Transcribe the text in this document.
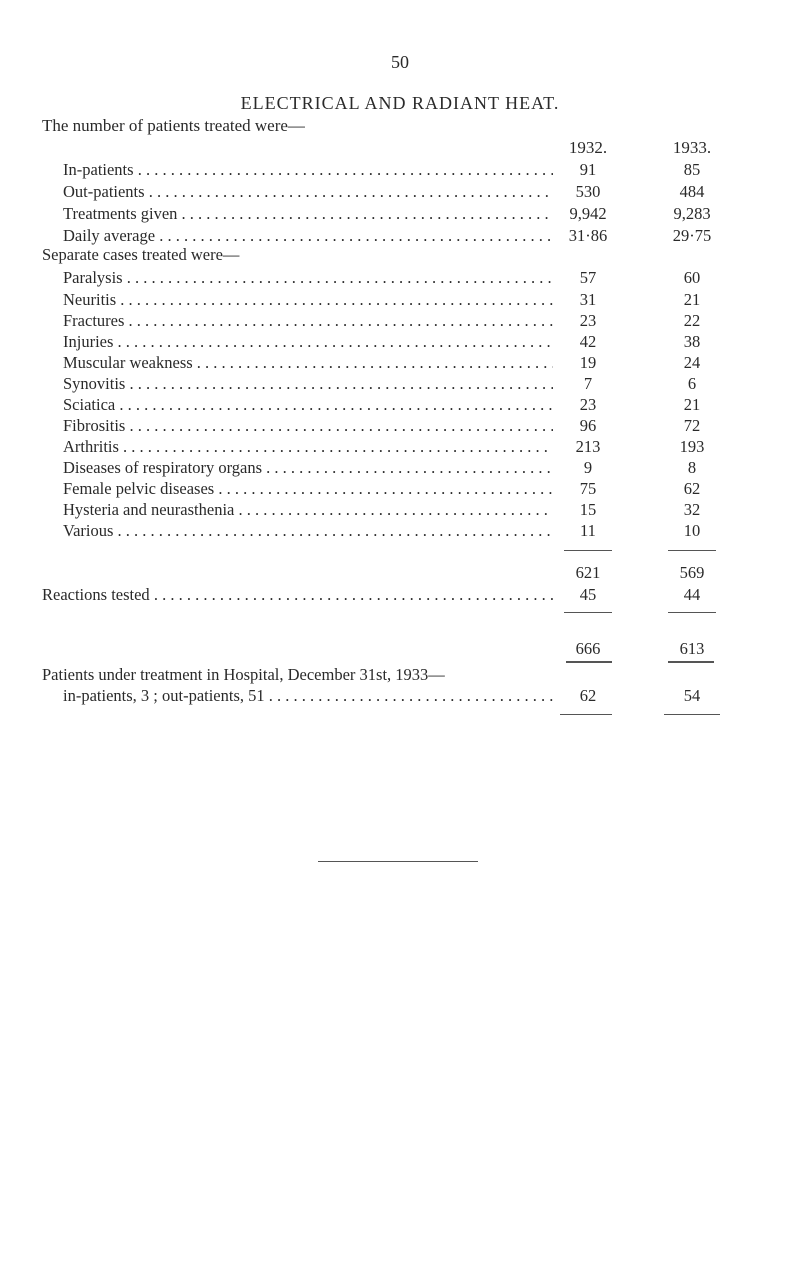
50
ELECTRICAL AND RADIANT HEAT.
The number of patients treated were—
1932.	1933.
In-patients . . .	91	85
Out-patients . . .	530	484
Treatments given . . .	9,942	9,283
Daily average . . .	31·86	29·75
Separate cases treated were—
Paralysis . . .	57	60
Neuritis . . .	31	21
Fractures . . .	23	22
Injuries . . .	42	38
Muscular weakness . . .	19	24
Synovitis . . .	7	6
Sciatica . . .	23	21
Fibrositis . . .	96	72
Arthritis . . .	213	193
Diseases of respiratory organs . . .	9	8
Female pelvic diseases . . .	75	62
Hysteria and neurasthenia . . .	15	32
Various . . .	11	10
621	569
Reactions tested . . .	45	44
666	613
Patients under treatment in Hospital, December 31st, 1933—
in-patients, 3 ; out-patients, 51 . . .	62	54
